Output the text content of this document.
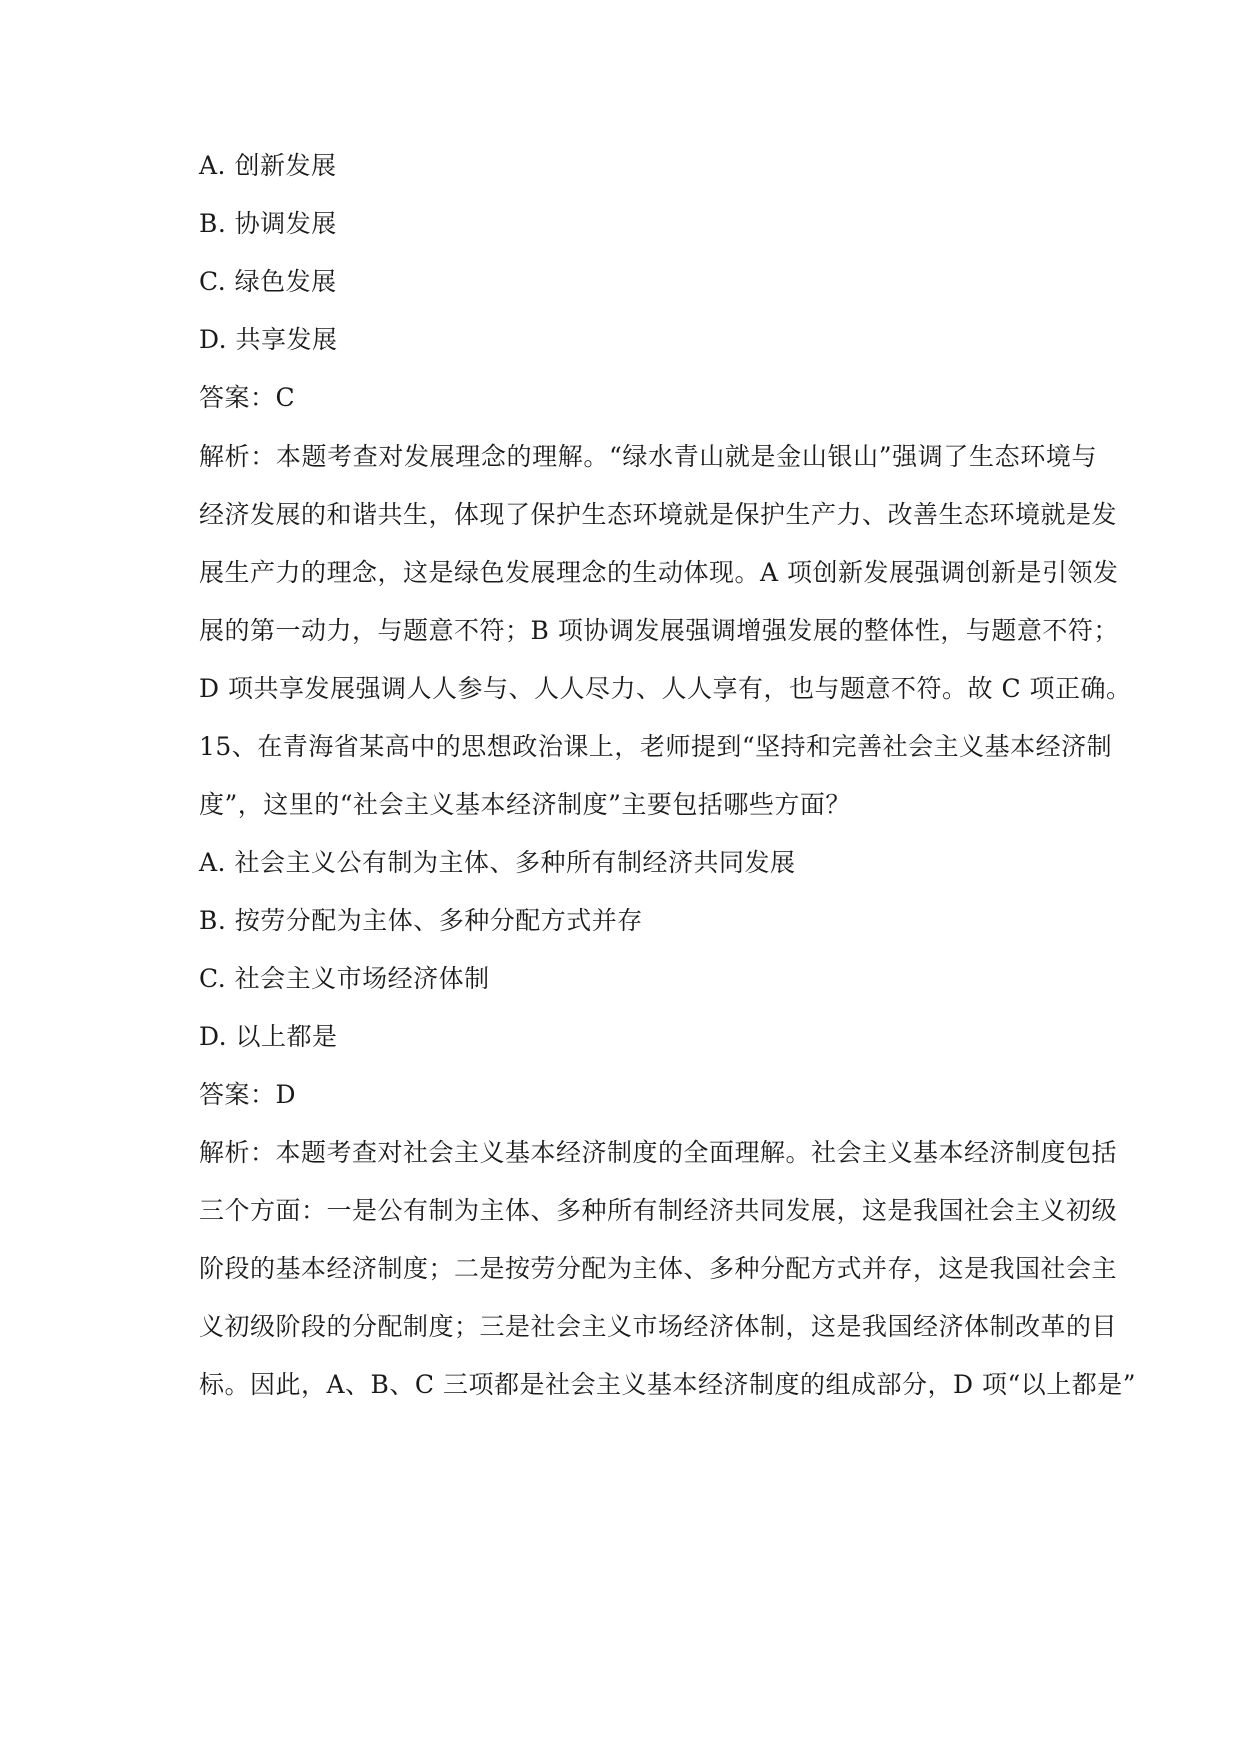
A. 创新发展
B. 协调发展
C. 绿色发展
D. 共享发展
答案：C
解析：本题考查对发展理念的理解。“绿水青山就是金山银山”强调了生态环境与
经济发展的和谐共生，体现了保护生态环境就是保护生产力、改善生态环境就是发
展生产力的理念，这是绿色发展理念的生动体现。A 项创新发展强调创新是引领发
展的第一动力，与题意不符；B 项协调发展强调增强发展的整体性，与题意不符；
D 项共享发展强调人人参与、人人尽力、人人享有，也与题意不符。故 C 项正确。
15、在青海省某高中的思想政治课上，老师提到“坚持和完善社会主义基本经济制
度”，这里的“社会主义基本经济制度”主要包括哪些方面？
A. 社会主义公有制为主体、多种所有制经济共同发展
B. 按劳分配为主体、多种分配方式并存
C. 社会主义市场经济体制
D. 以上都是
答案：D
解析：本题考查对社会主义基本经济制度的全面理解。社会主义基本经济制度包括
三个方面：一是公有制为主体、多种所有制经济共同发展，这是我国社会主义初级
阶段的基本经济制度；二是按劳分配为主体、多种分配方式并存，这是我国社会主
义初级阶段的分配制度；三是社会主义市场经济体制，这是我国经济体制改革的目
标。因此，A、B、C 三项都是社会主义基本经济制度的组成部分，D 项“以上都是”
